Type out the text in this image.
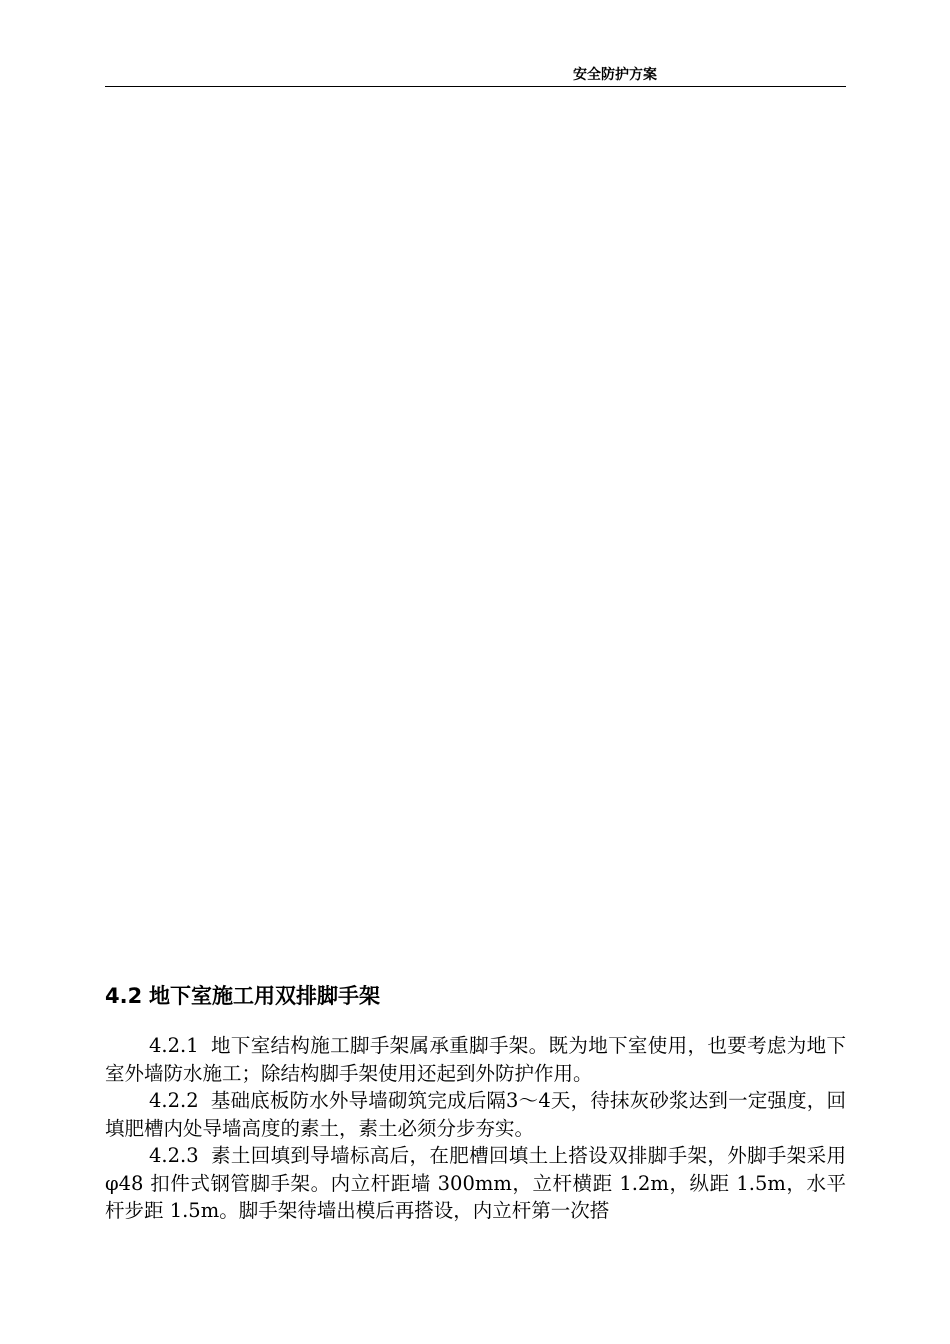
安全防护方案
4.2 地下室施工用双排脚手架

4.2.1 地下室结构施工脚手架属承重脚手架。既为地下室使用，也要考虑为地下室外墙防水施工；除结构脚手架使用还起到外防护作用。

4.2.2 基础底板防水外导墙砌筑完成后隔3～4天，待抹灰砂浆达到一定强度，回填肥槽内处导墙高度的素土，素土必须分步夯实。

4.2.3 素土回填到导墙标高后，在肥槽回填土上搭设双排脚手架，外脚手架采用 φ48 扣件式钢管脚手架。内立杆距墙 300mm，立杆横距 1.2m，纵距 1.5m，水平杆步距 1.5m。脚手架待墙出模后再搭设，内立杆第一次搭
